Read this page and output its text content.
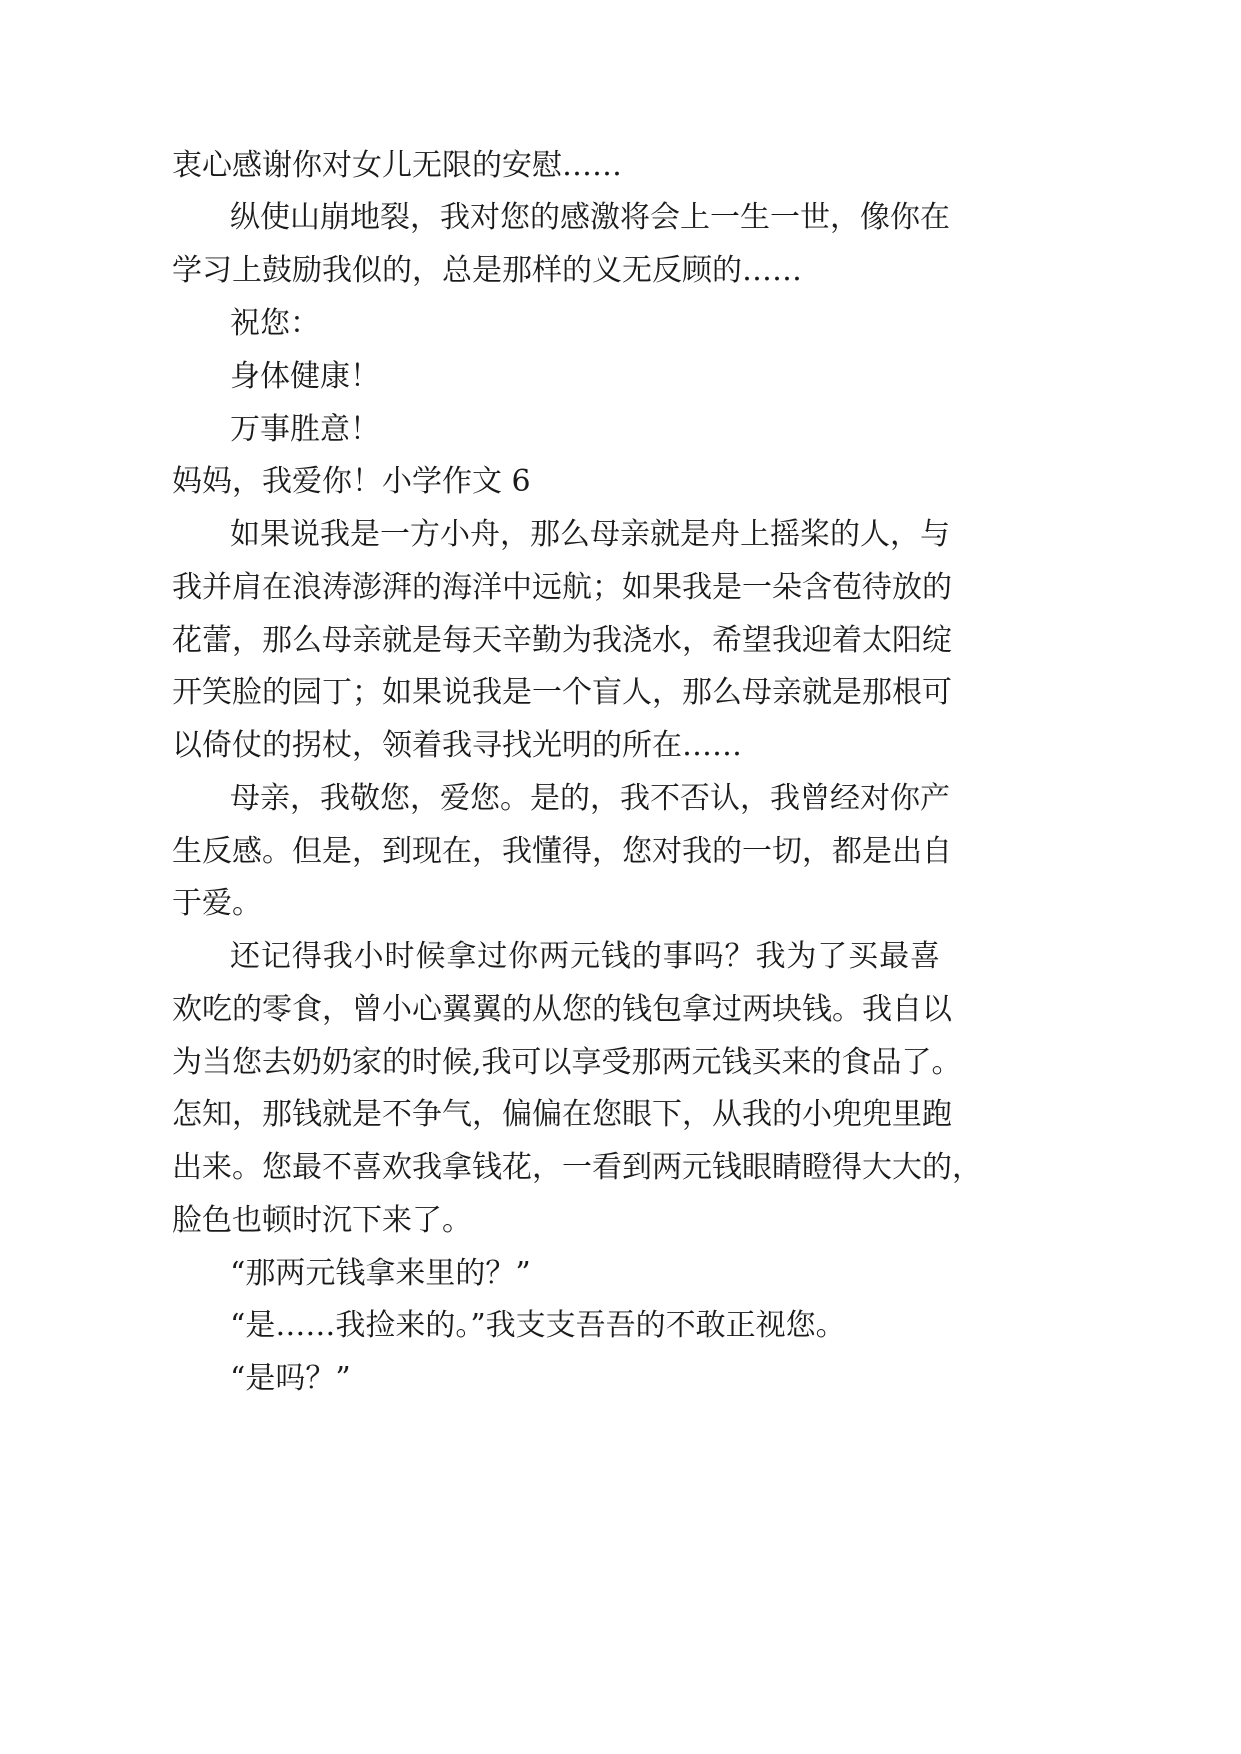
衷心感谢你对女儿无限的安慰……

纵使山崩地裂，我对您的感激将会上一生一世，像你在

学习上鼓励我似的，总是那样的义无反顾的……

祝您：

身体健康！

万事胜意！

妈妈，我爱你！小学作文 6

如果说我是一方小舟，那么母亲就是舟上摇桨的人，与

我并肩在浪涛澎湃的海洋中远航；如果我是一朵含苞待放的

花蕾，那么母亲就是每天辛勤为我浇水，希望我迎着太阳绽

开笑脸的园丁；如果说我是一个盲人，那么母亲就是那根可

以倚仗的拐杖，领着我寻找光明的所在……

母亲，我敬您，爱您。是的，我不否认，我曾经对你产

生反感。但是，到现在，我懂得，您对我的一切，都是出自

于爱。

还记得我小时候拿过你两元钱的事吗？我为了买最喜

欢吃的零食，曾小心翼翼的从您的钱包拿过两块钱。我自以

为当您去奶奶家的时候,我可以享受那两元钱买来的食品了。

怎知，那钱就是不争气，偏偏在您眼下，从我的小兜兜里跑

出来。您最不喜欢我拿钱花，一看到两元钱眼睛瞪得大大的，

脸色也顿时沉下来了。

“那两元钱拿来里的？”

“是……我捡来的。”我支支吾吾的不敢正视您。

“是吗？”
